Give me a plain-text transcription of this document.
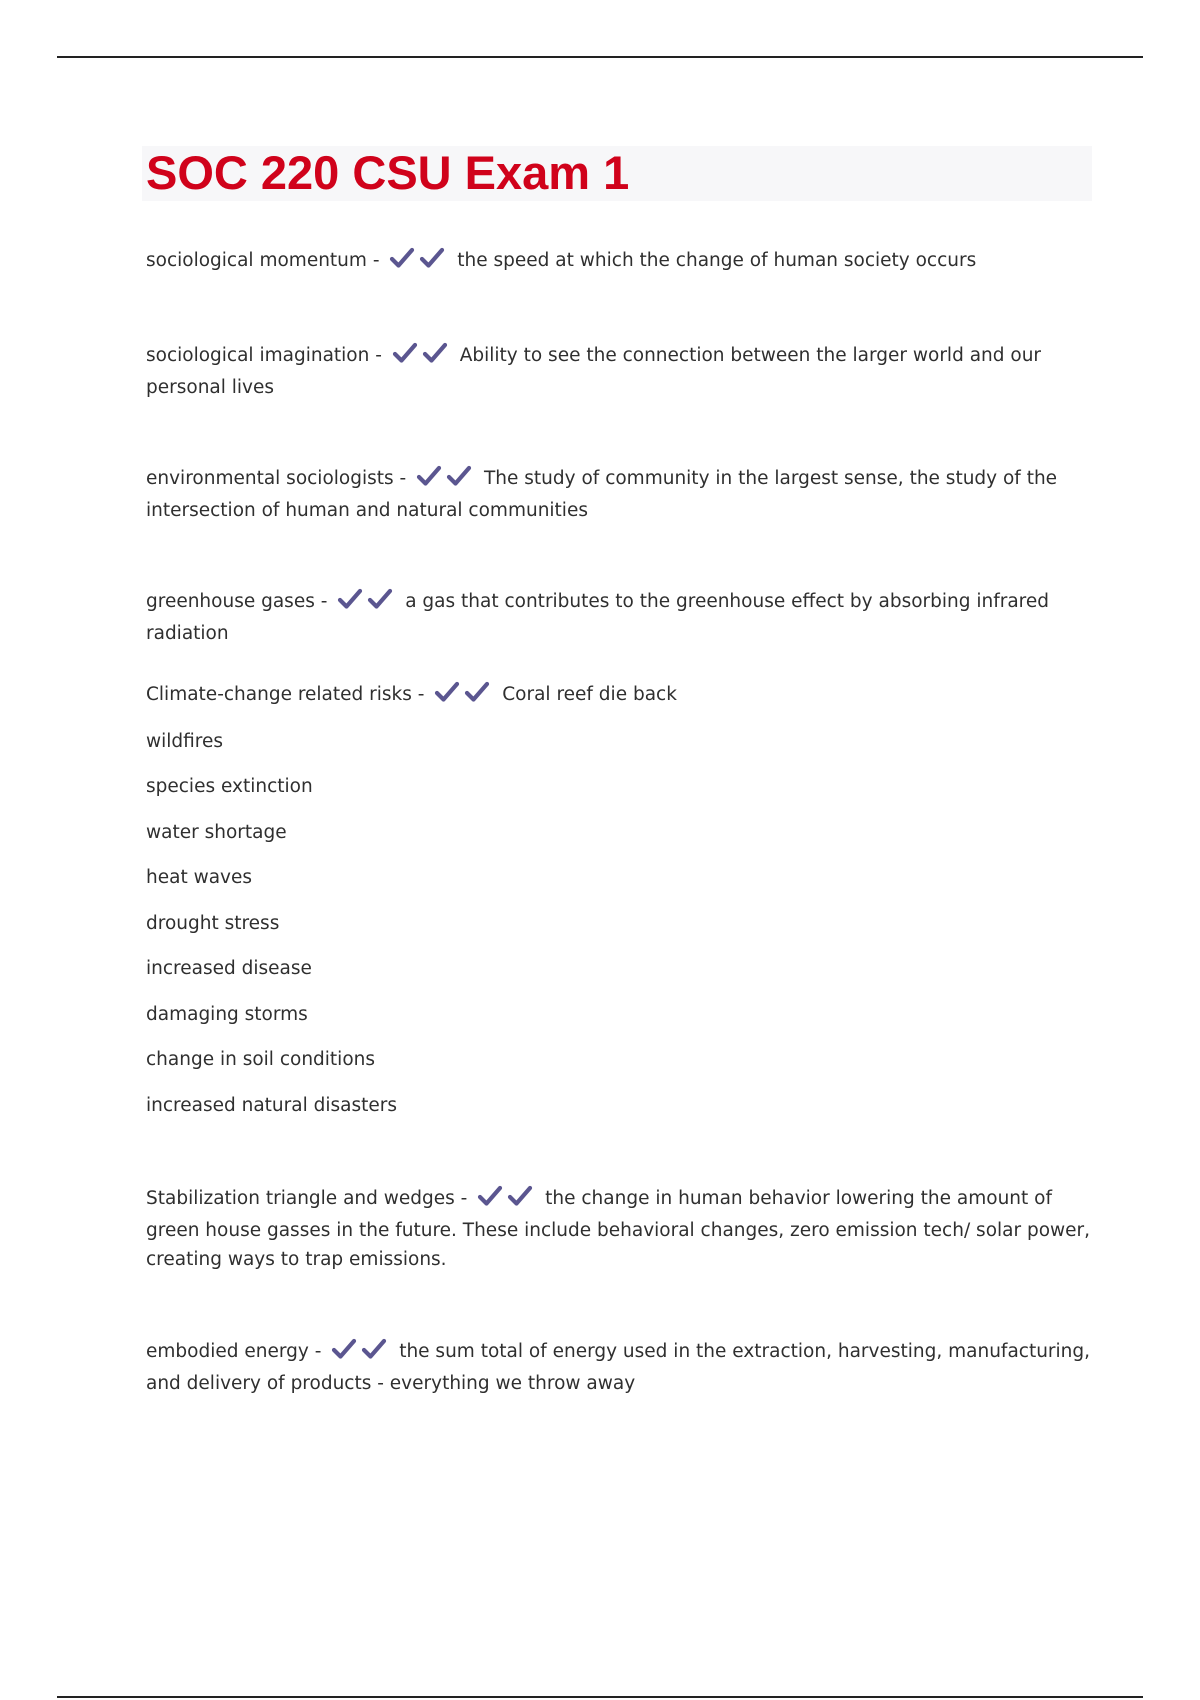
SOC 220 CSU Exam 1

sociological momentum -	the speed at which the change of human society occurs

sociological imagination -	Ability to see the connection between the larger world and our personal lives

environmental sociologists -	The study of community in the largest sense, the study of the intersection of human and natural communities

greenhouse gases -	a gas that contributes to the greenhouse effect by absorbing infrared radiation

Climate-change related risks -	Coral reef die back

wildfires

species extinction

water shortage

heat waves

drought stress

increased disease

damaging storms

change in soil conditions

increased natural disasters

Stabilization triangle and wedges -	the change in human behavior lowering the amount of green house gasses in the future. These include behavioral changes, zero emission tech/ solar power, creating ways to trap emissions.

embodied energy -	the sum total of energy used in the extraction, harvesting, manufacturing, and delivery of products - everything we throw away
